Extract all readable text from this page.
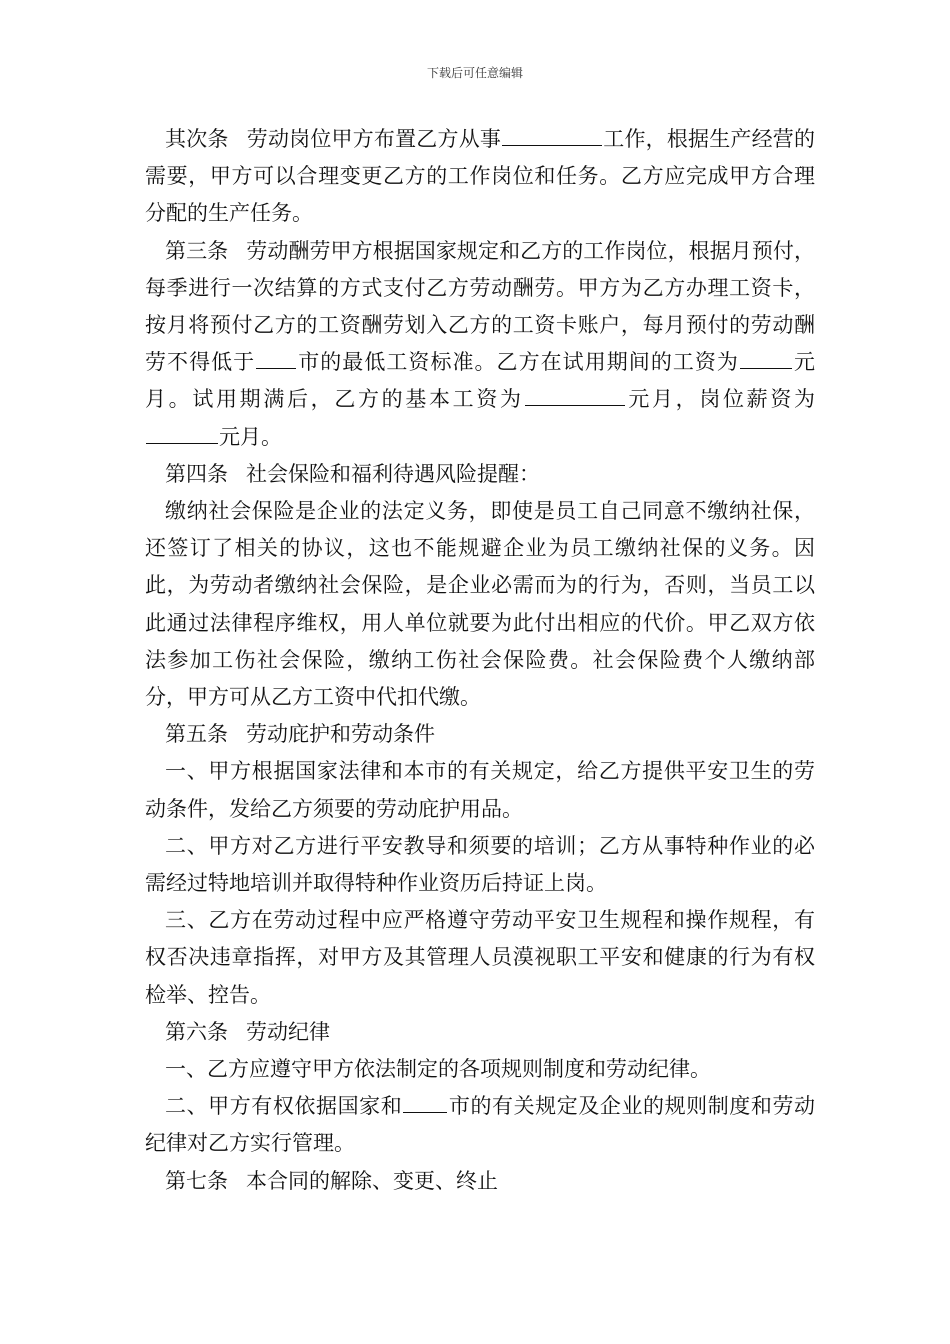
下载后可任意编辑

其次条 劳动岗位甲方布置乙方从事	工作，根据生产经营的需要，甲方可以合理变更乙方的工作岗位和任务。乙方应完成甲方合理分配的生产任务。

第三条 劳动酬劳甲方根据国家规定和乙方的工作岗位，根据月预付，每季进行一次结算的方式支付乙方劳动酬劳。甲方为乙方办理工资卡，按月将预付乙方的工资酬劳划入乙方的工资卡账户，每月预付的劳动酬劳不得低于 市的最低工资标准。乙方在试用期间的工资为	元月。试用期满后，乙方的基本工资为	元月，岗位薪资为元月。

第四条 社会保险和福利待遇风险提醒：

缴纳社会保险是企业的法定义务，即使是员工自己同意不缴纳社保，还签订了相关的协议，这也不能规避企业为员工缴纳社保的义务。因此，为劳动者缴纳社会保险，是企业必需而为的行为，否则，当员工以此通过法律程序维权，用人单位就要为此付出相应的代价。甲乙双方依法参加工伤社会保险，缴纳工伤社会保险费。社会保险费个人缴纳部分，甲方可从乙方工资中代扣代缴。

第五条 劳动庇护和劳动条件

一、甲方根据国家法律和本市的有关规定，给乙方提供平安卫生的劳动条件，发给乙方须要的劳动庇护用品。

二、甲方对乙方进行平安教导和须要的培训；乙方从事特种作业的必需经过特地培训并取得特种作业资历后持证上岗。

三、乙方在劳动过程中应严格遵守劳动平安卫生规程和操作规程，有权否决违章指挥，对甲方及其管理人员漠视职工平安和健康的行为有权检举、控告。

第六条 劳动纪律

一、乙方应遵守甲方依法制定的各项规则制度和劳动纪律。

二、甲方有权依据国家和 市的有关规定及企业的规则制度和劳动纪律对乙方实行管理。

第七条 本合同的解除、变更、终止
